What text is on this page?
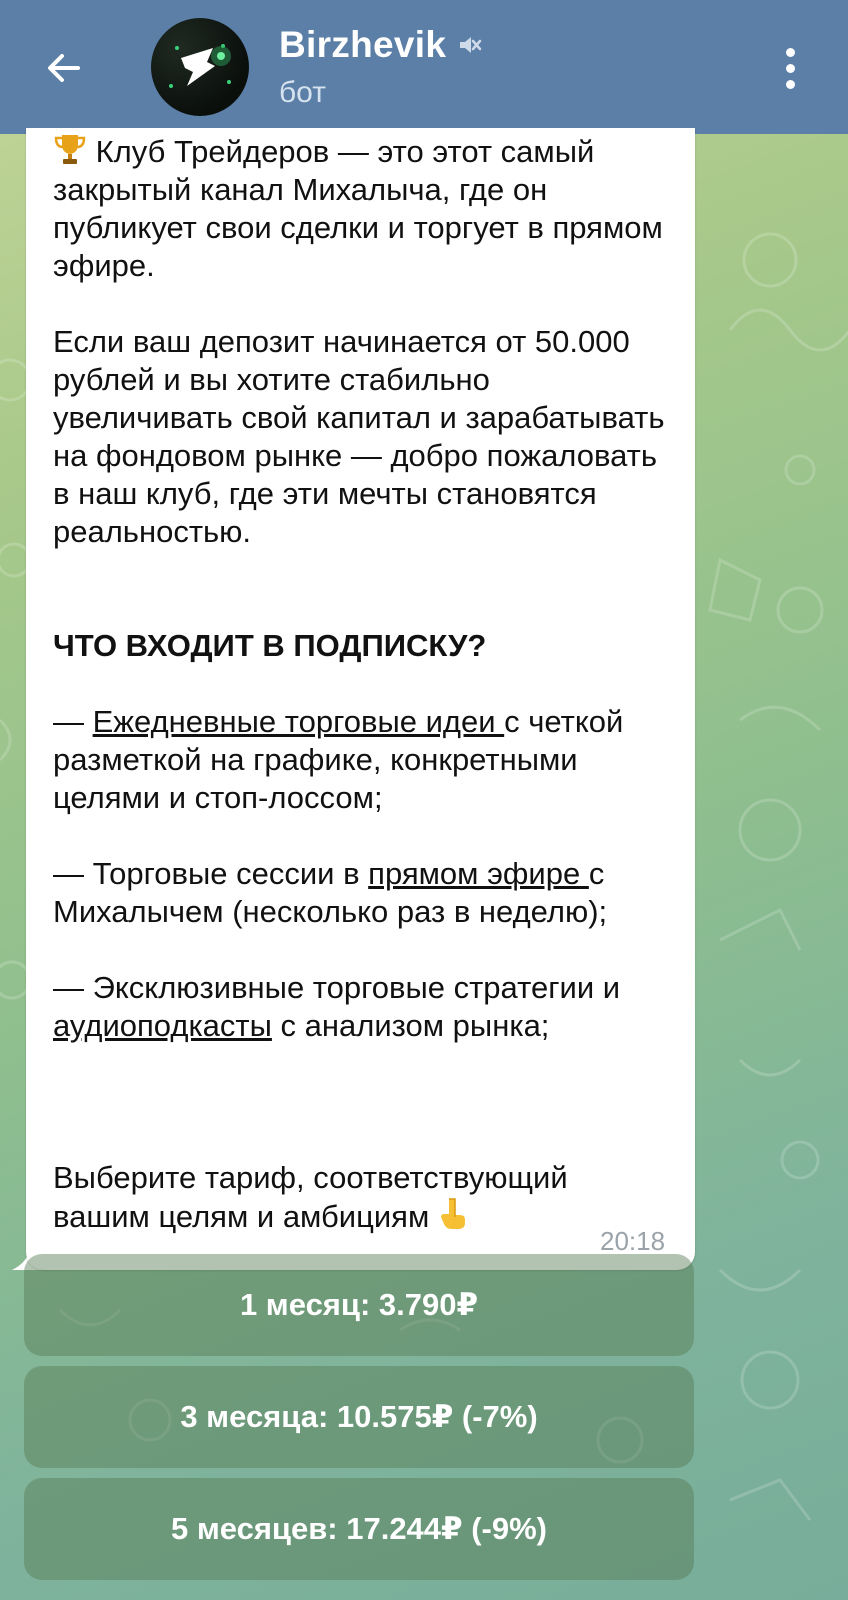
Birzhevik
бот

Клуб Трейдеров — это этот самый закрытый канал Михалыча, где он публикует свои сделки и торгует в прямом эфире.

Если ваш депозит начинается от 50.000 рублей и вы хотите стабильно увеличивать свой капитал и зарабатывать на фондовом рынке — добро пожаловать в наш клуб, где эти мечты становятся реальностью.

ЧТО ВХОДИТ В ПОДПИСКУ?

— Ежедневные торговые идеи с четкой разметкой на графике, конкретными целями и стоп-лоссом;

— Торговые сессии в прямом эфире с Михалычем (несколько раз в неделю);

— Эксклюзивные торговые стратегии и аудиоподкасты с анализом рынка;

Выберите тариф, соответствующий вашим целям и амбициям

20:18
1 месяц: 3.790₽
3 месяца: 10.575₽ (-7%)
5 месяцев: 17.244₽ (-9%)
